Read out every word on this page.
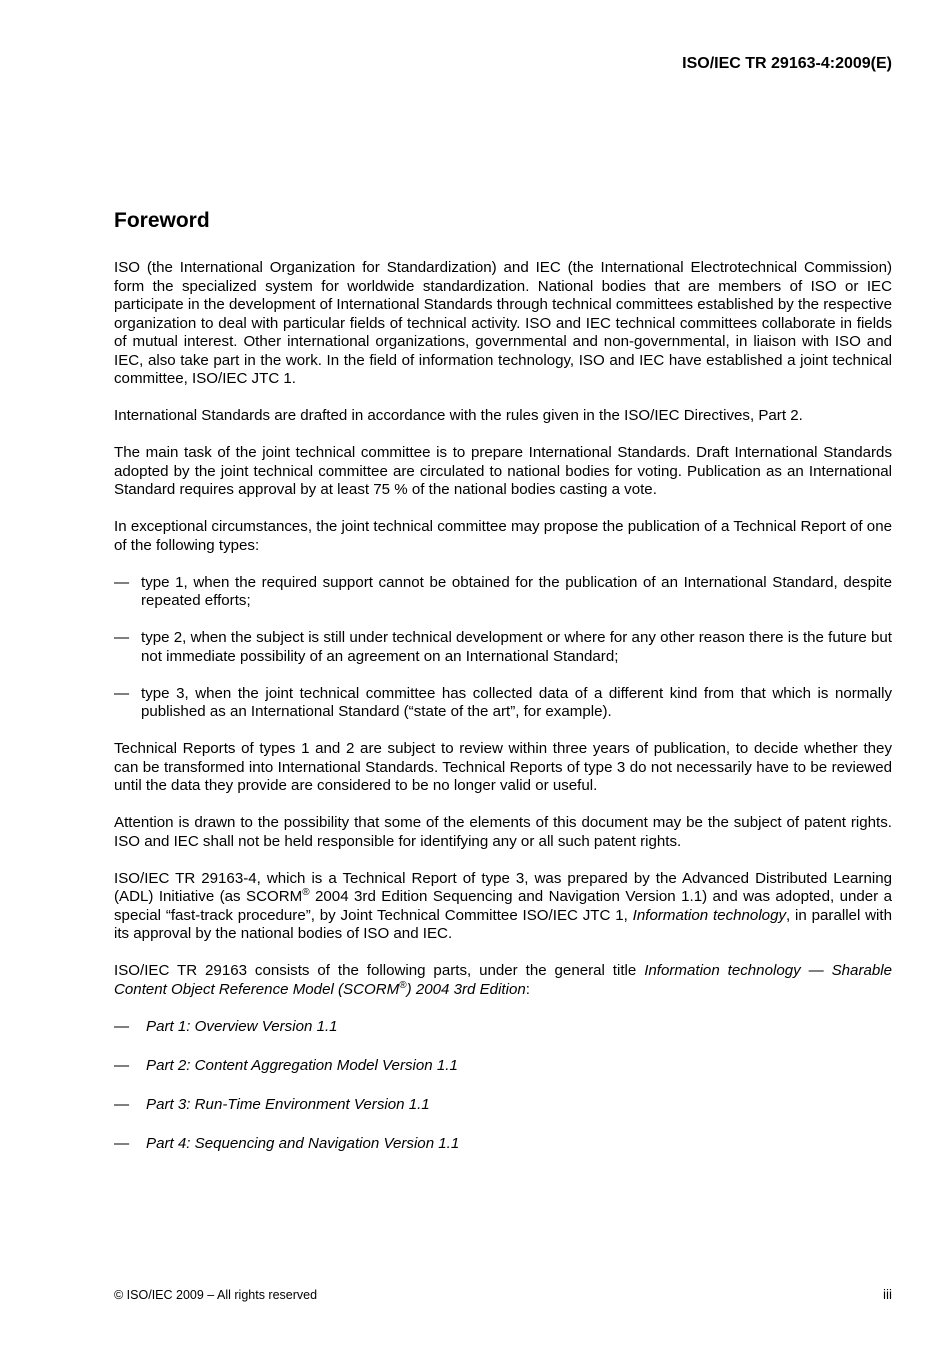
ISO/IEC TR 29163-4:2009(E)
Foreword

ISO (the International Organization for Standardization) and IEC (the International Electrotechnical Commission) form the specialized system for worldwide standardization. National bodies that are members of ISO or IEC participate in the development of International Standards through technical committees established by the respective organization to deal with particular fields of technical activity. ISO and IEC technical committees collaborate in fields of mutual interest. Other international organizations, governmental and non-governmental, in liaison with ISO and IEC, also take part in the work. In the field of information technology, ISO and IEC have established a joint technical committee, ISO/IEC JTC 1.

International Standards are drafted in accordance with the rules given in the ISO/IEC Directives, Part 2.

The main task of the joint technical committee is to prepare International Standards. Draft International Standards adopted by the joint technical committee are circulated to national bodies for voting. Publication as an International Standard requires approval by at least 75 % of the national bodies casting a vote.

In exceptional circumstances, the joint technical committee may propose the publication of a Technical Report of one of the following types:

— type 1, when the required support cannot be obtained for the publication of an International Standard, despite repeated efforts;
— type 2, when the subject is still under technical development or where for any other reason there is the future but not immediate possibility of an agreement on an International Standard;
— type 3, when the joint technical committee has collected data of a different kind from that which is normally published as an International Standard (“state of the art”, for example).

Technical Reports of types 1 and 2 are subject to review within three years of publication, to decide whether they can be transformed into International Standards. Technical Reports of type 3 do not necessarily have to be reviewed until the data they provide are considered to be no longer valid or useful.

Attention is drawn to the possibility that some of the elements of this document may be the subject of patent rights. ISO and IEC shall not be held responsible for identifying any or all such patent rights.

ISO/IEC TR 29163-4, which is a Technical Report of type 3, was prepared by the Advanced Distributed Learning (ADL) Initiative (as SCORM® 2004 3rd Edition Sequencing and Navigation Version 1.1) and was adopted, under a special “fast-track procedure”, by Joint Technical Committee ISO/IEC JTC 1, Information technology, in parallel with its approval by the national bodies of ISO and IEC.

ISO/IEC TR 29163 consists of the following parts, under the general title Information technology — Sharable Content Object Reference Model (SCORM®) 2004 3rd Edition:

— Part 1: Overview Version 1.1
— Part 2: Content Aggregation Model Version 1.1
— Part 3: Run-Time Environment Version 1.1
— Part 4: Sequencing and Navigation Version 1.1
© ISO/IEC 2009 – All rights reserved	iii
